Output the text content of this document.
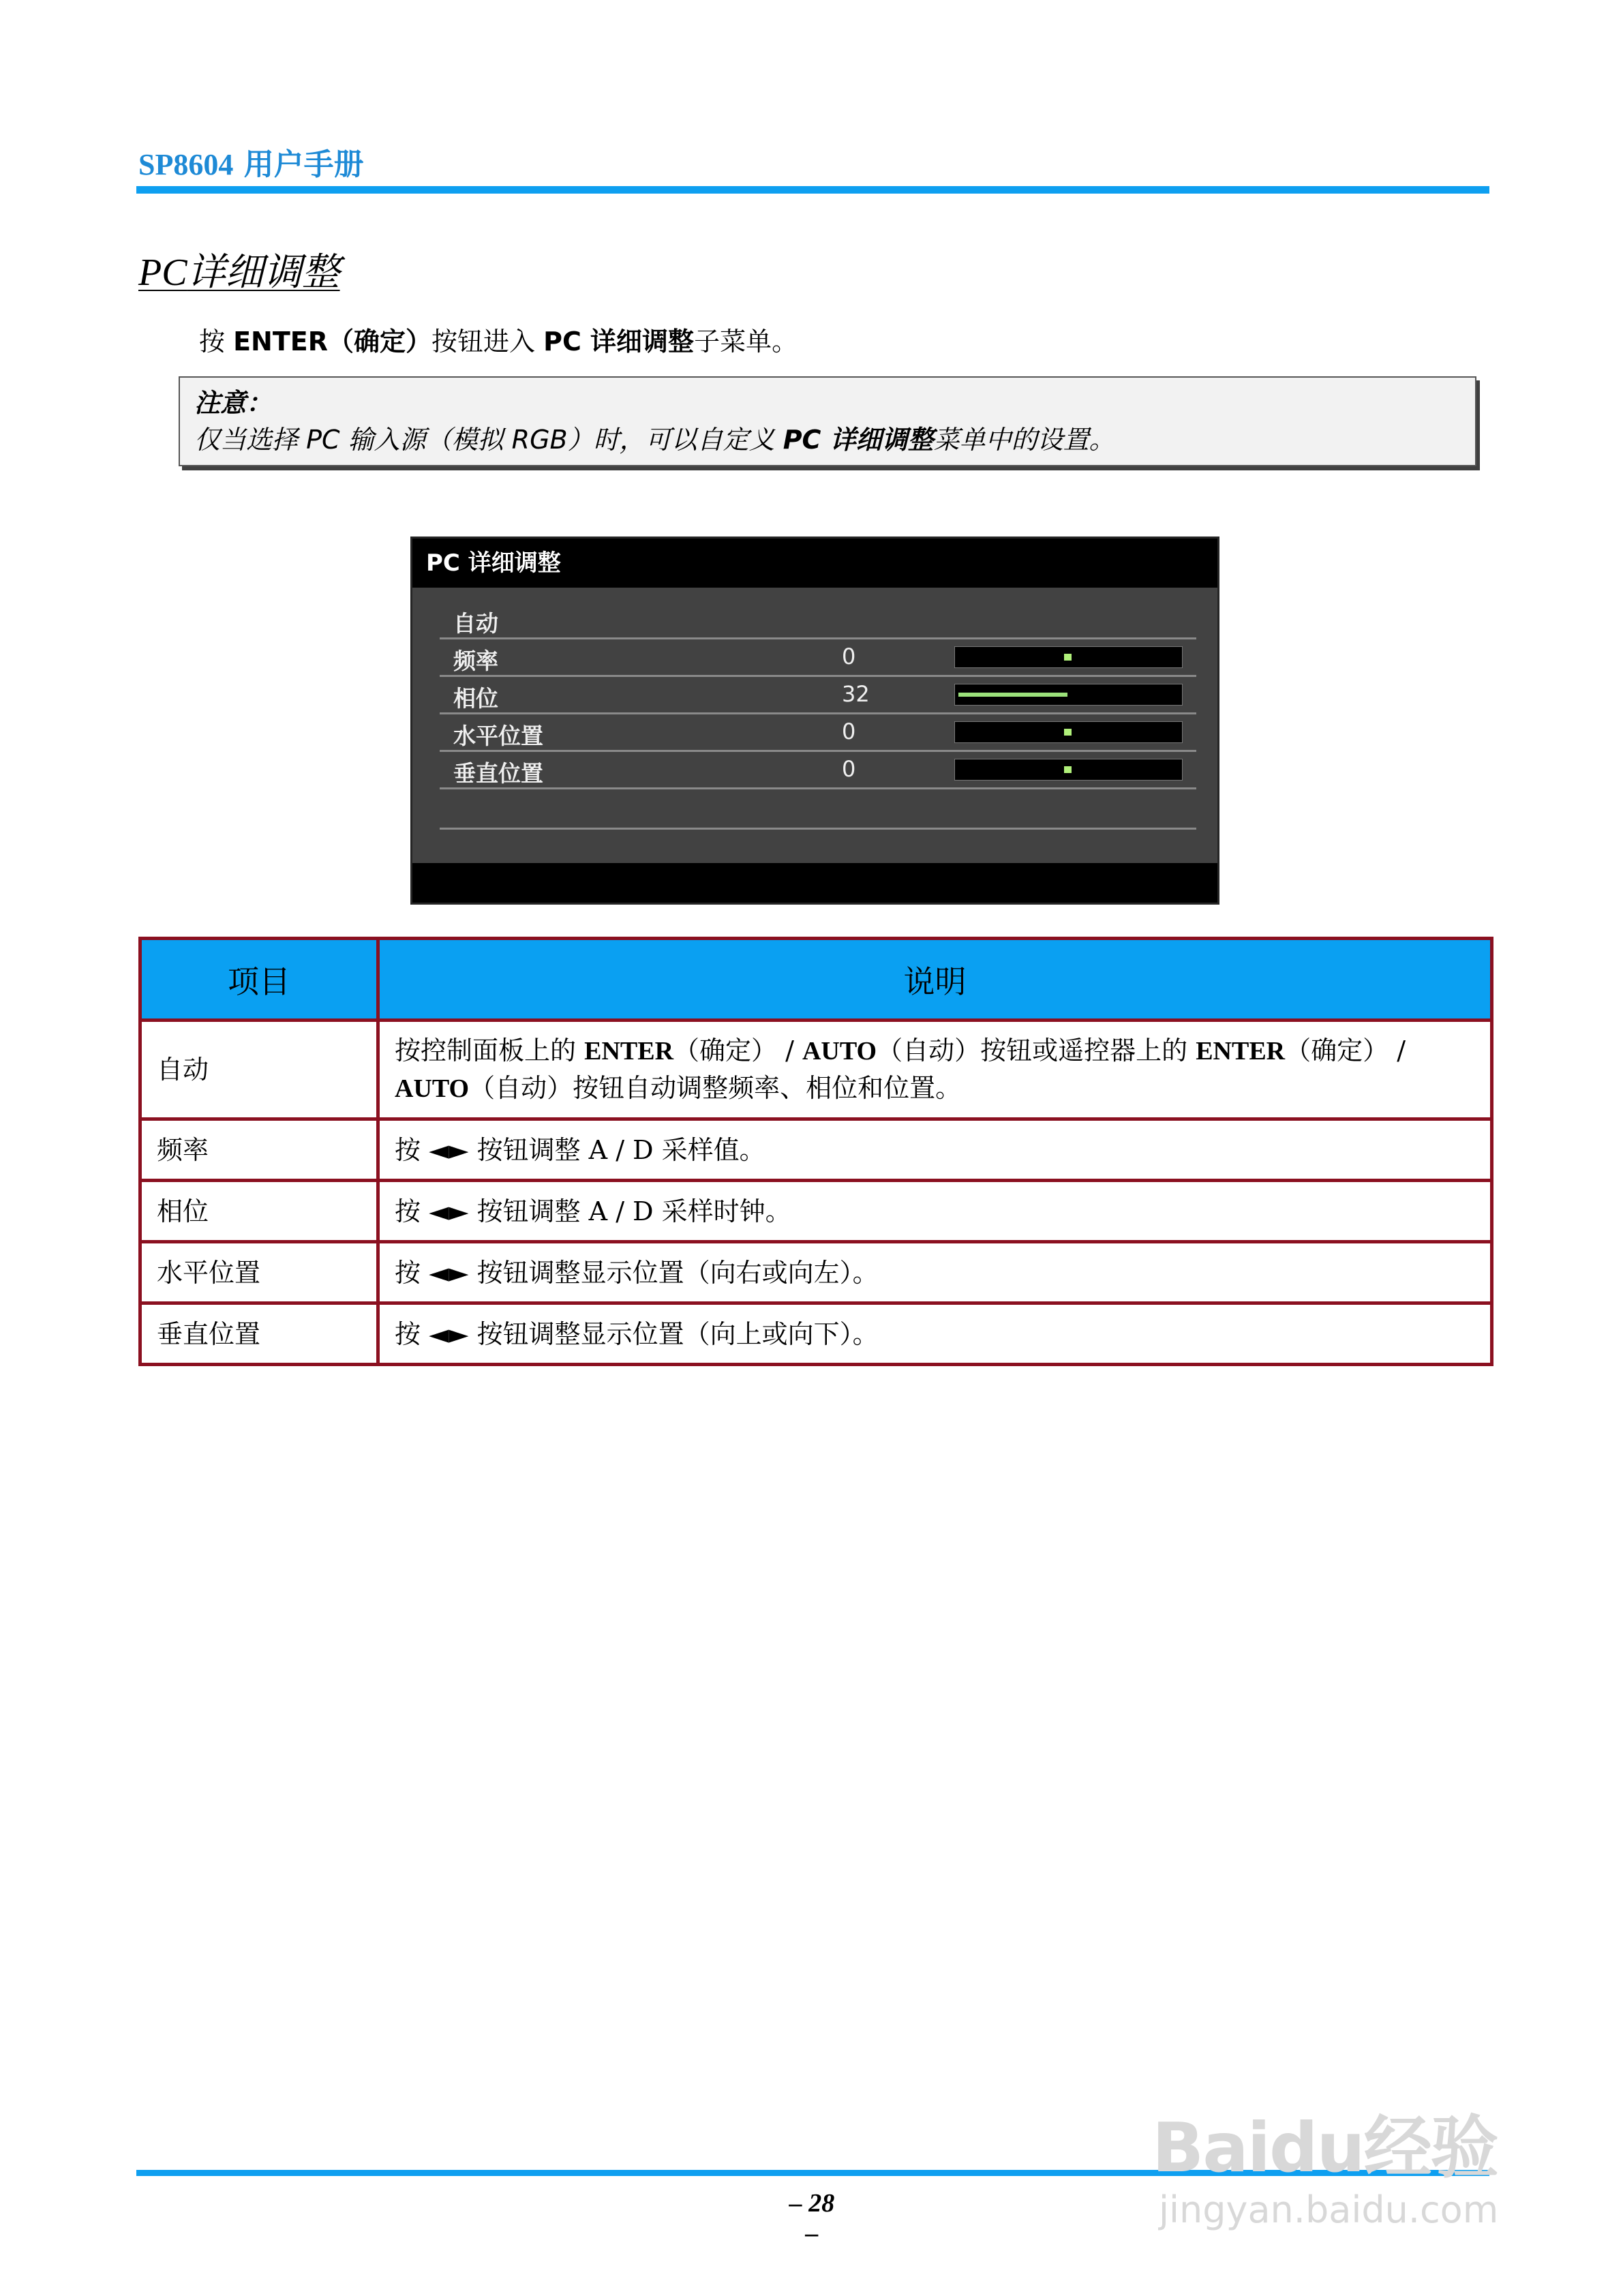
SP8604 用户手册
PC详细调整
按 ENTER（确定）按钮进入 PC 详细调整子菜单。
注意：
仅当选择 PC 输入源（模拟 RGB）时，可以自定义 PC 详细调整菜单中的设置。
PC 详细调整
自动
频率	0
相位	32
水平位置	0
垂直位置	0
项目	说明
自动	按控制面板上的 ENTER（确定） / AUTO（自动）按钮或遥控器上的 ENTER（确定） / AUTO（自动）按钮自动调整频率、相位和位置。
频率	按 ◄► 按钮调整 A / D 采样值。
相位	按 ◄► 按钮调整 A / D 采样时钟。
水平位置	按 ◄► 按钮调整显示位置（向右或向左）。
垂直位置	按 ◄► 按钮调整显示位置（向上或向下）。
– 28 –
Baidu经验
jingyan.baidu.com
